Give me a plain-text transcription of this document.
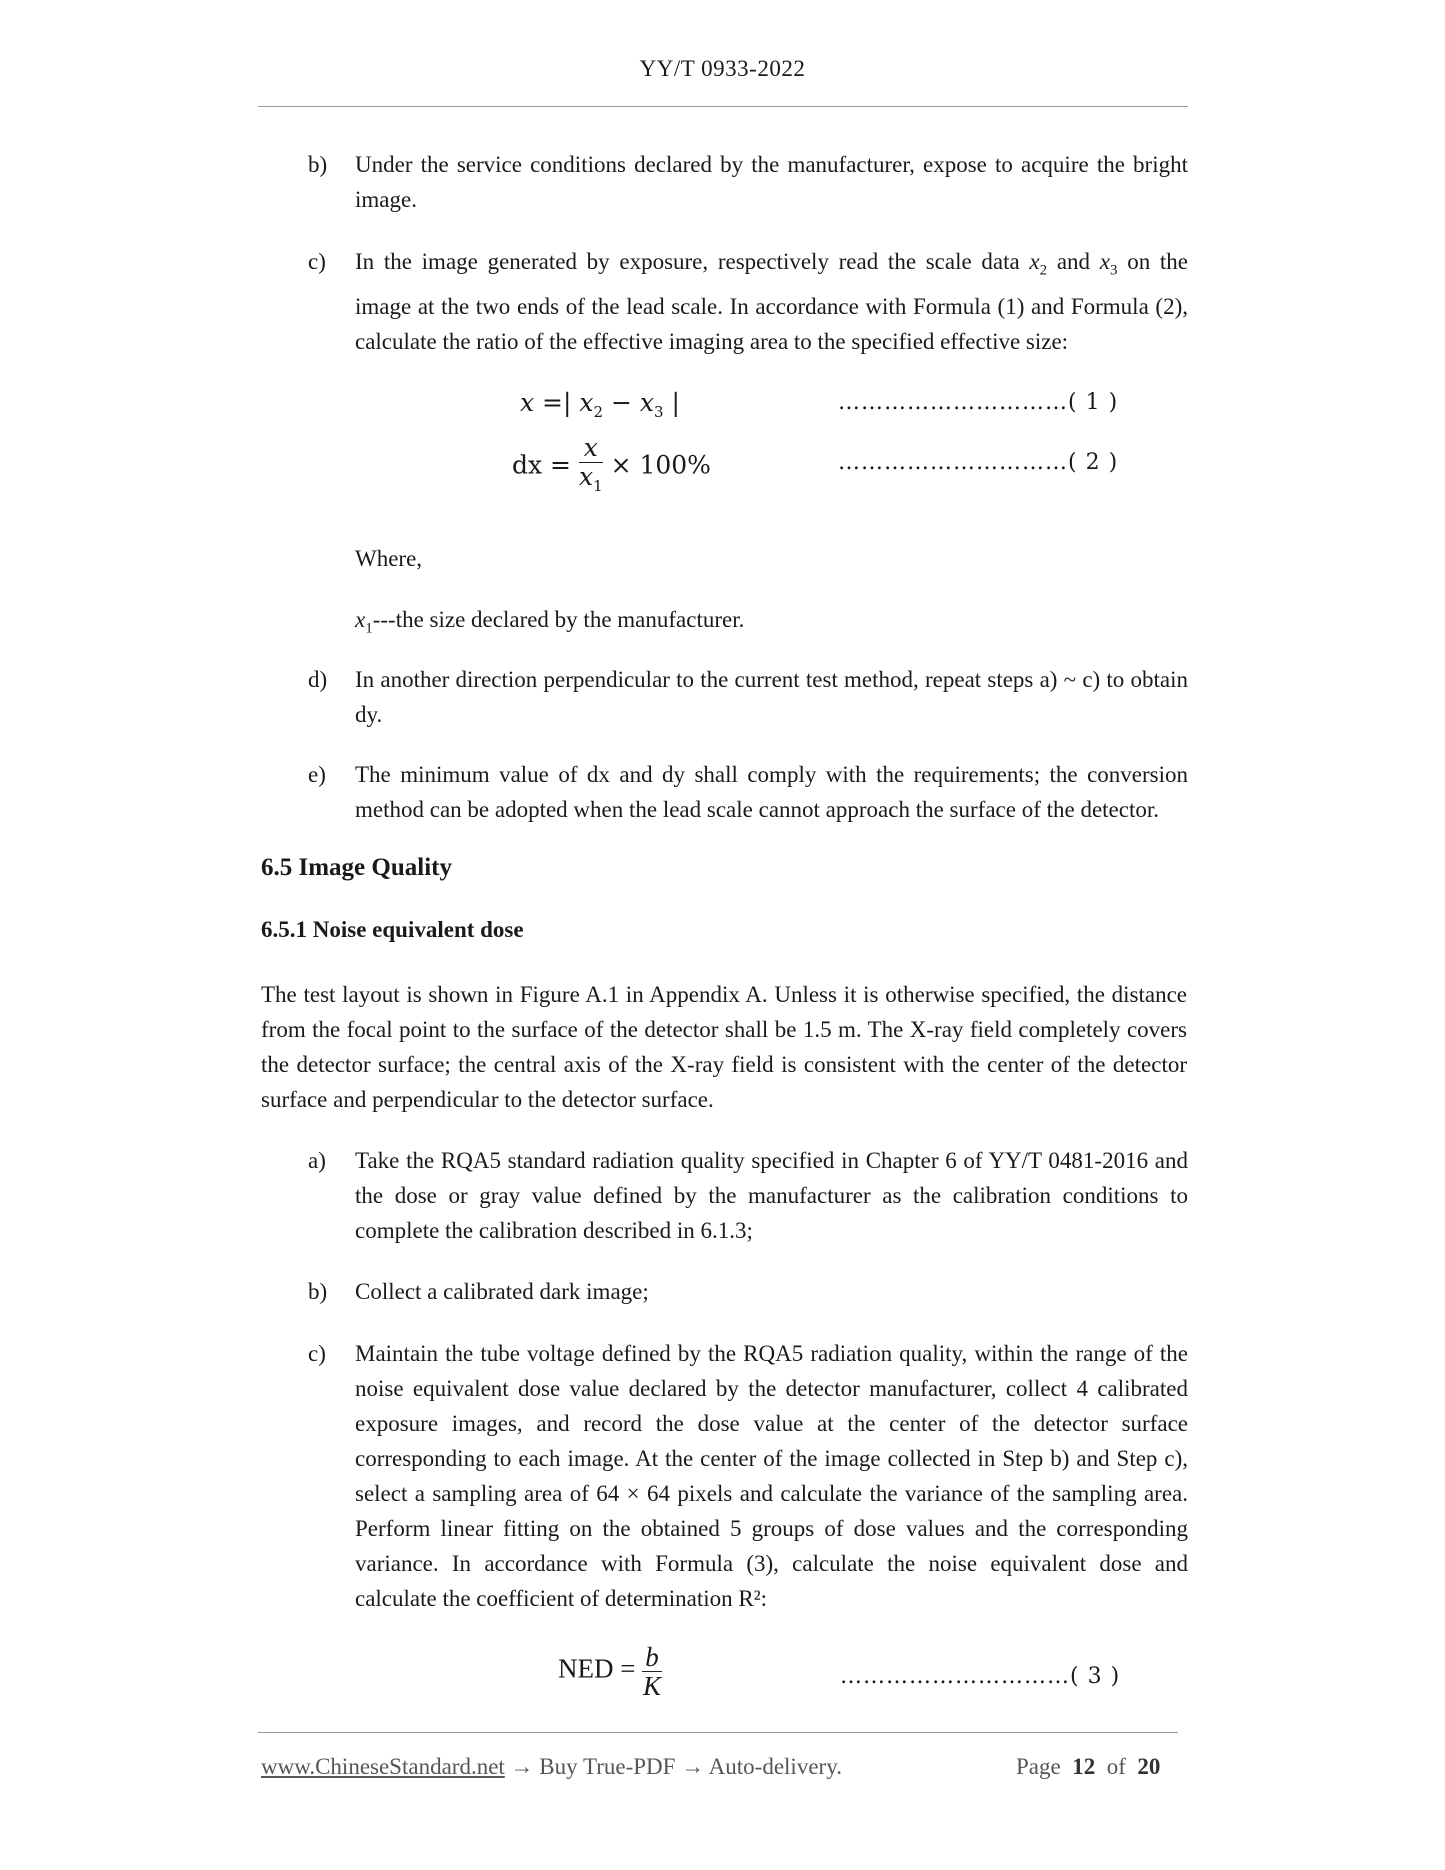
YY/T 0933-2022
b) Under the service conditions declared by the manufacturer, expose to acquire the bright image.
c) In the image generated by exposure, respectively read the scale data $x_2$ and $x_3$ on the image at the two ends of the lead scale. In accordance with Formula (1) and Formula (2), calculate the ratio of the effective imaging area to the specified effective size:
x =| $x_2 - x_3$ |	…………………………( 1 )
dx = $\frac{x}{x_1} \times 100\%$	…………………………( 2 )
Where,
$x_1--$-the size declared by the manufacturer.
d) In another direction perpendicular to the current test method, repeat steps a) ~ c) to obtain dy.
e) The minimum value of dx and dy shall comply with the requirements; the conversion method can be adopted when the lead scale cannot approach the surface of the detector.
6.5 Image Quality
6.5.1 Noise equivalent dose
The test layout is shown in Figure A.1 in Appendix A. Unless it is otherwise specified, the distance from the focal point to the surface of the detector shall be 1.5 m. The X-ray field completely covers the detector surface; the central axis of the X-ray field is consistent with the center of the detector surface and perpendicular to the detector surface.
a) Take the RQA5 standard radiation quality specified in Chapter 6 of YY/T 0481-2016 and the dose or gray value defined by the manufacturer as the calibration conditions to complete the calibration described in 6.1.3;
b) Collect a calibrated dark image;
c) Maintain the tube voltage defined by the RQA5 radiation quality, within the range of the noise equivalent dose value declared by the detector manufacturer, collect 4 calibrated exposure images, and record the dose value at the center of the detector surface corresponding to each image. At the center of the image collected in Step b) and Step c), select a sampling area of 64 × 64 pixels and calculate the variance of the sampling area. Perform linear fitting on the obtained 5 groups of dose values and the corresponding variance. In accordance with Formula (3), calculate the noise equivalent dose and calculate the coefficient of determination R²:
NED = $\frac{b}{K}$	…………………………( 3 )
www.ChineseStandard.net → Buy True-PDF → Auto-delivery.	Page 12 of 20
